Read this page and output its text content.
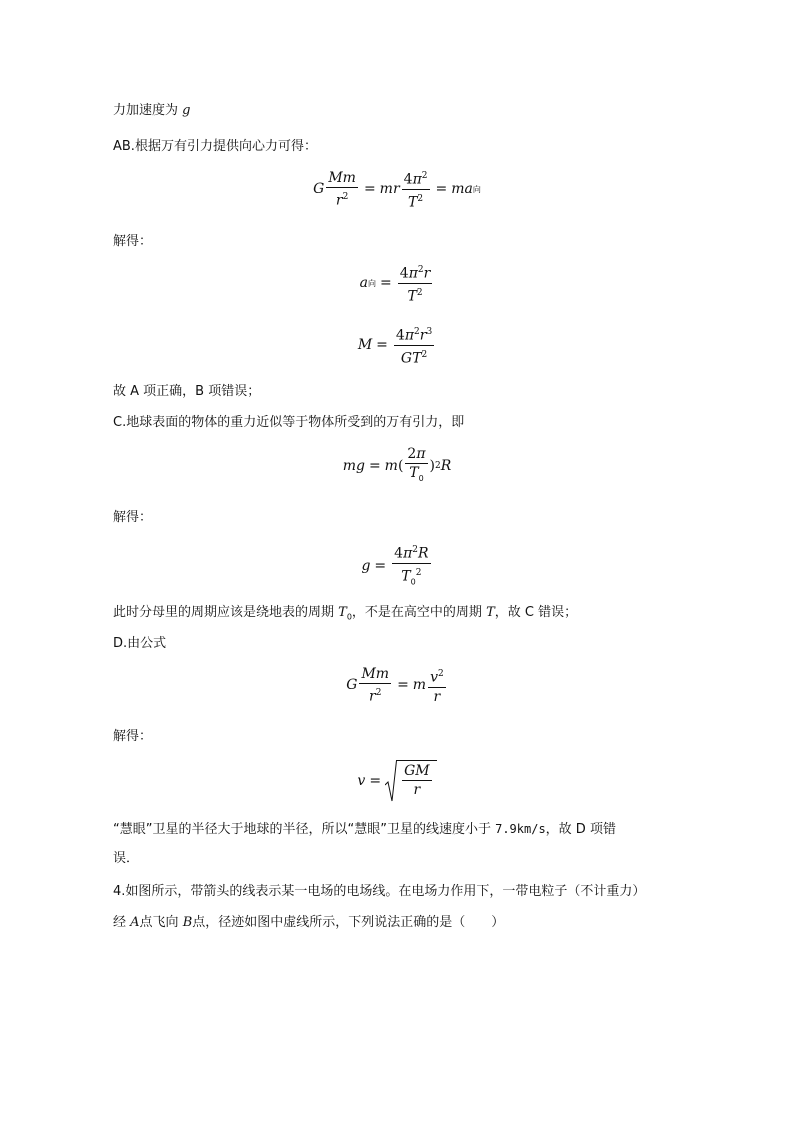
力加速度为 g
AB.根据万有引力提供向心力可得：
G $\frac{Mm}{r^2}$ = mr $\frac{4\pi^2}{T^2}$ = ma 向
解得：
a 向 = $\frac{4\pi^2r}{T^2}$
$M = \frac{4\pi^2r^3}{GT^2}$
故 A 项正确，B 项错误；
C.地球表面的物体的重力近似等于物体所受到的万有引力，即
mg = m ( $\frac{2\pi}{T_0}$ ) 2 R
解得：
$g = \frac{4\pi^2R}{T_0^2}$
此时分母里的周期应该是绕地表的周期 $T_0$，不是在高空中的周期 T，故 C 错误；
D.由公式
G $\frac{Mm}{r^2} = m \frac{v^2}{r}$
解得：
$v = \frac{GM}{r}$
“慧眼”卫星的半径大于地球的半径，所以“慧眼”卫星的线速度小于 7.9km/s，故 D 项错
误．
4.如图所示，带箭头的线表示某一电场的电场线。在电场力作用下，一带电粒子（不计重力）
经 A点飞向 B点，径迹如图中虚线所示，下列说法正确的是（　　）
